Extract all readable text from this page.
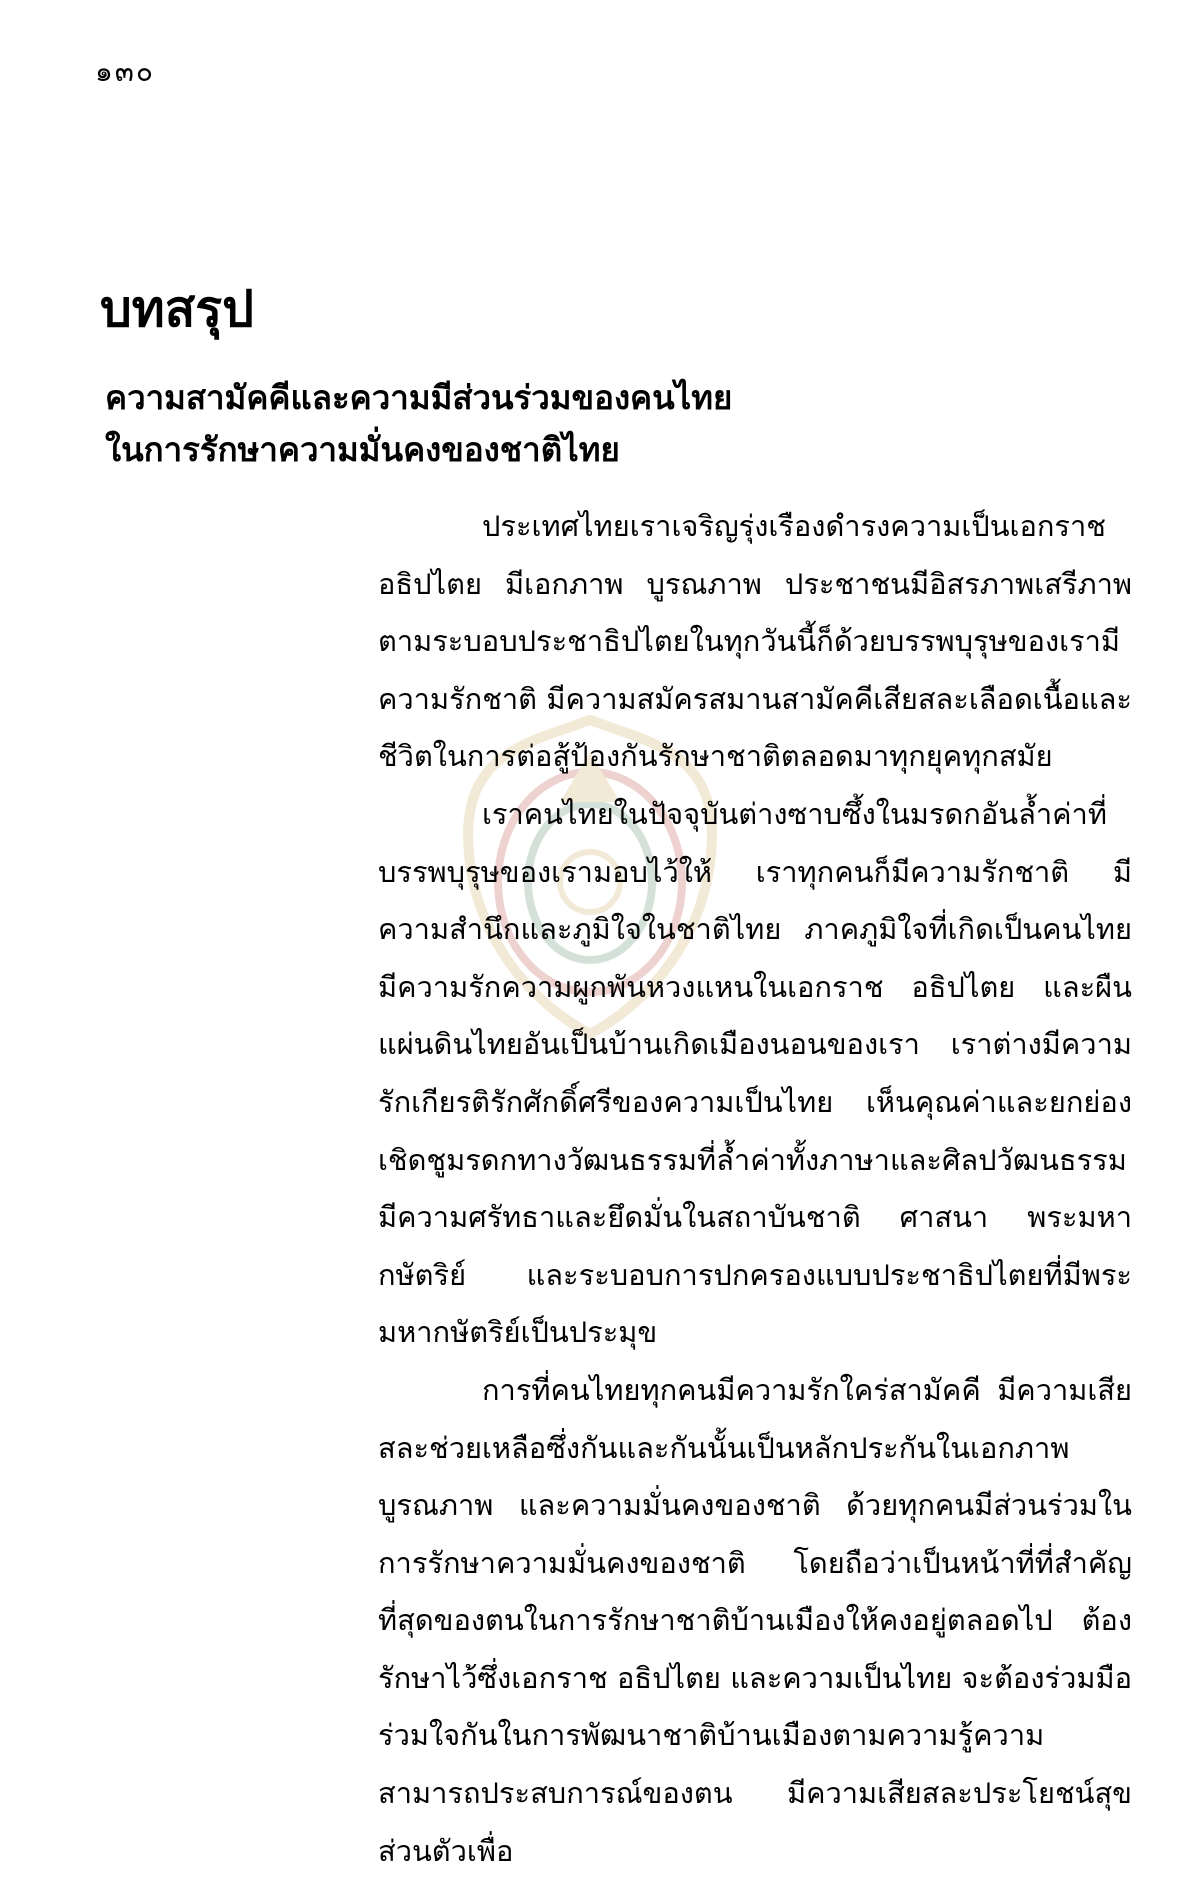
๑๓๐
บทสรุป
ความสามัคคีและความมีส่วนร่วมของคนไทย
ในการรักษาความมั่นคงของชาติไทย

ประเทศไทยเราเจริญรุ่งเรืองดำรงความเป็นเอกราช อธิปไตย มีเอกภาพ บูรณภาพ ประชาชนมีอิสรภาพเสรีภาพตามระบอบประชาธิปไตยในทุกวันนี้ก็ด้วยบรรพบุรุษของเรามีความรักชาติ มีความสมัครสมานสามัคคีเสียสละเลือดเนื้อและชีวิตในการต่อสู้ป้องกันรักษาชาติตลอดมาทุกยุคทุกสมัย

เราคนไทยในปัจจุบันต่างซาบซึ้งในมรดกอันล้ำค่าที่บรรพบุรุษของเรามอบไว้ให้ เราทุกคนก็มีความรักชาติ มีความสำนึกและภูมิใจในชาติไทย ภาคภูมิใจที่เกิดเป็นคนไทย มีความรักความผูกพันหวงแหนในเอกราช อธิปไตย และผืนแผ่นดินไทยอันเป็นบ้านเกิดเมืองนอนของเรา เราต่างมีความรักเกียรติรักศักดิ์ศรีของความเป็นไทย เห็นคุณค่าและยกย่องเชิดชูมรดกทางวัฒนธรรมที่ล้ำค่าทั้งภาษาและศิลปวัฒนธรรม มีความศรัทธาและยึดมั่นในสถาบันชาติ ศาสนา พระมหากษัตริย์ และระบอบการปกครองแบบประชาธิปไตยที่มีพระมหากษัตริย์เป็นประมุข

การที่คนไทยทุกคนมีความรักใคร่สามัคคี มีความเสียสละช่วยเหลือซึ่งกันและกันนั้นเป็นหลักประกันในเอกภาพ บูรณภาพ และความมั่นคงของชาติ ด้วยทุกคนมีส่วนร่วมในการรักษาความมั่นคงของชาติ โดยถือว่าเป็นหน้าที่ที่สำคัญที่สุดของตนในการรักษาชาติบ้านเมืองให้คงอยู่ตลอดไป ต้องรักษาไว้ซึ่งเอกราช อธิปไตย และความเป็นไทย จะต้องร่วมมือร่วมใจกันในการพัฒนาชาติบ้านเมืองตามความรู้ความสามารถประสบการณ์ของตน มีความเสียสละประโยชน์สุขส่วนตัวเพื่อ
